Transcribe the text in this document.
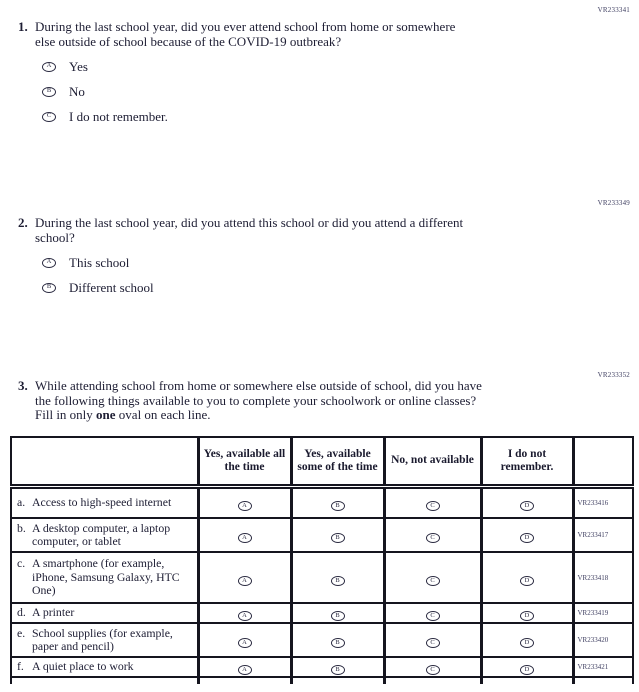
VR233341
1. During the last school year, did you ever attend school from home or somewhere
else outside of school because of the COVID-19 outbreak?
A Yes
B No
C I do not remember.
VR233349
2. During the last school year, did you attend this school or did you attend a different
school?
A This school
B Different school
VR233352
3. While attending school from home or somewhere else outside of school, did you have
the following things available to you to complete your schoolwork or online classes?
Fill in only one oval on each line.
	Yes, available all the time	Yes, available some of the time	No, not available	I do not remember.	

a. Access to high-speed internet	A	B	C	D	VR233416

b. A desktop computer, a laptop computer, or tablet	A	B	C	D	VR233417

c. A smartphone (for example, iPhone, Samsung Galaxy, HTC One)	A	B	C	D	VR233418

d. A printer	A	B	C	D	VR233419

e. School supplies (for example, paper and pencil)	A	B	C	D	VR233420

f. A quiet place to work	A	B	C	D	VR233421
